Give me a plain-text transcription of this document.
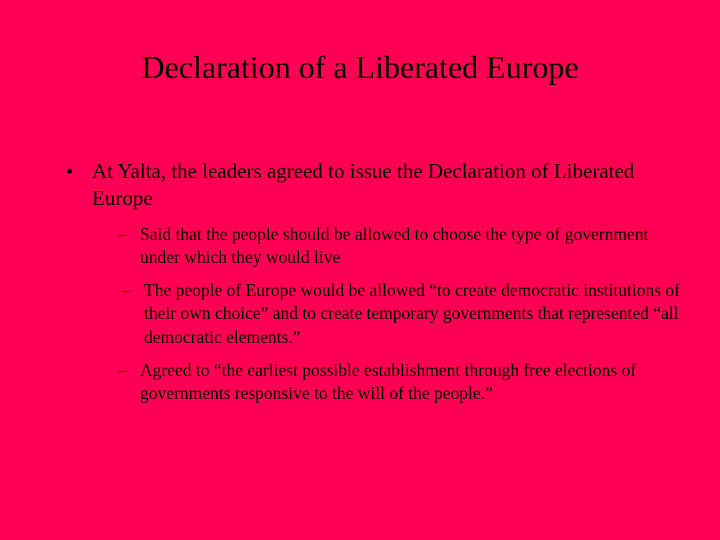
Declaration of a Liberated Europe
• At Yalta, the leaders agreed to issue the Declaration of Liberated Europe
– Said that the people should be allowed to choose the type of government under which they would live
– The people of Europe would be allowed “to create democratic institutions of their own choice” and to create temporary governments that represented “all democratic elements.”
– Agreed to “the earliest possible establishment through free elections of governments responsive to the will of the people.”
